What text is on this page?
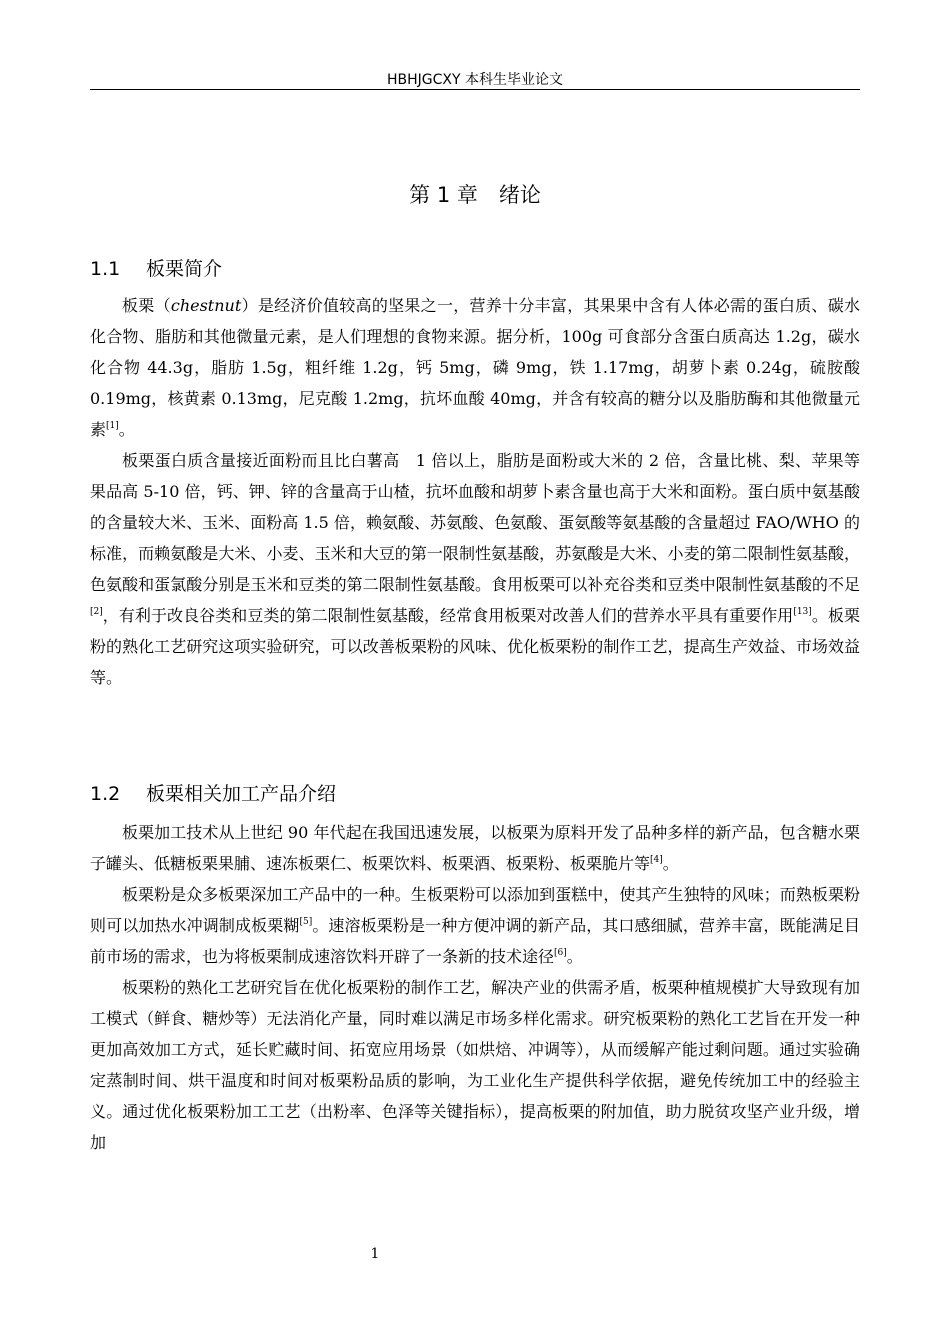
HBHJGCXY 本科生毕业论文
第 1 章　绪论
1.1 板栗简介

板栗（chestnut）是经济价值较高的坚果之一，营养十分丰富，其果果中含有人体必需的蛋白质、碳水化合物、脂肪和其他微量元素，是人们理想的食物来源。据分析，100g 可食部分含蛋白质高达 1.2g，碳水化合物 44.3g，脂肪 1.5g，粗纤维 1.2g，钙 5mg，磷 9mg，铁 1.17mg，胡萝卜素 0.24g，硫胺酸 0.19mg，核黄素 0.13mg，尼克酸 1.2mg，抗坏血酸 40mg，并含有较高的糖分以及脂肪酶和其他微量元素[1]。

板栗蛋白质含量接近面粉而且比白薯高　1 倍以上，脂肪是面粉或大米的 2 倍，含量比桃、梨、苹果等果品高 5-10 倍，钙、钾、锌的含量高于山楂，抗坏血酸和胡萝卜素含量也高于大米和面粉。蛋白质中氨基酸的含量较大米、玉米、面粉高 1.5 倍，赖氨酸、苏氨酸、色氨酸、蛋氨酸等氨基酸的含量超过 FAO/WHO 的标准，而赖氨酸是大米、小麦、玉米和大豆的第一限制性氨基酸，苏氨酸是大米、小麦的第二限制性氨基酸，色氨酸和蛋氯酸分别是玉米和豆类的第二限制性氨基酸。食用板栗可以补充谷类和豆类中限制性氨基酸的不足[2]，有利于改良谷类和豆类的第二限制性氨基酸，经常食用板栗对改善人们的营养水平具有重要作用[13]。板栗粉的熟化工艺研究这项实验研究，可以改善板栗粉的风味、优化板栗粉的制作工艺，提高生产效益、市场效益等。

1.2 板栗相关加工产品介绍

板栗加工技术从上世纪 90 年代起在我国迅速发展，以板栗为原料开发了品种多样的新产品，包含糖水栗子罐头、低糖板栗果脯、速冻板栗仁、板栗饮料、板栗酒、板栗粉、板栗脆片等[4]。

板栗粉是众多板栗深加工产品中的一种。生板栗粉可以添加到蛋糕中，使其产生独特的风味；而熟板栗粉则可以加热水冲调制成板栗糊[5]。速溶板栗粉是一种方便冲调的新产品，其口感细腻，营养丰富，既能满足目前市场的需求，也为将板栗制成速溶饮料开辟了一条新的技术途径[6]。

板栗粉的熟化工艺研究旨在优化板栗粉的制作工艺，解决产业的供需矛盾，板栗种植规模扩大导致现有加工模式（鲜食、糖炒等）无法消化产量，同时难以满足市场多样化需求。研究板栗粉的熟化工艺旨在开发一种更加高效加工方式，延长贮藏时间、拓宽应用场景（如烘焙、冲调等），从而缓解产能过剩问题。通过实验确定蒸制时间、烘干温度和时间对板栗粉品质的影响，为工业化生产提供科学依据，避免传统加工中的经验主义。通过优化板栗粉加工工艺（出粉率、色泽等关键指标），提高板栗的附加值，助力脱贫攻坚产业升级，增加

1
